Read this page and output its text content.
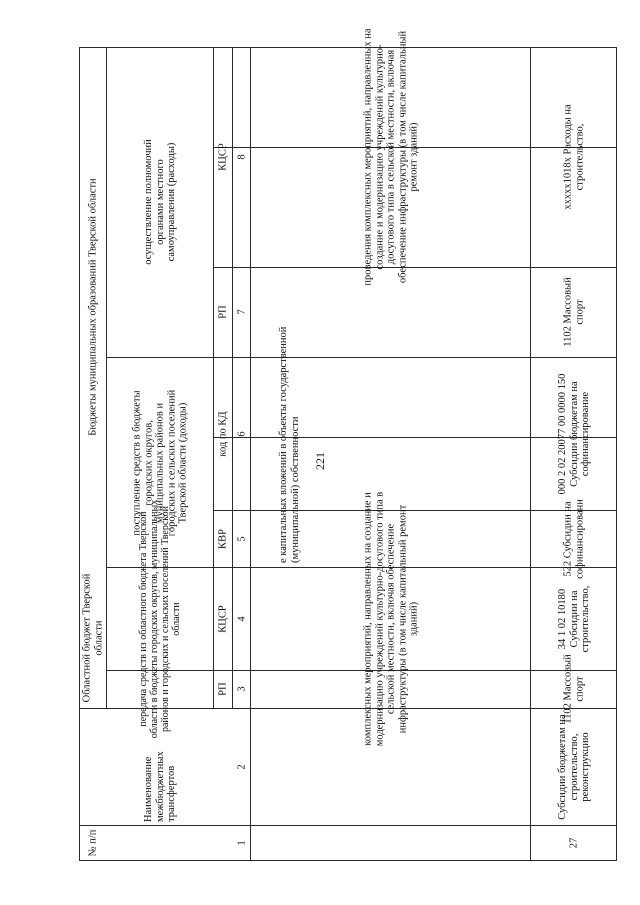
221
№ п/п
Наименование межбюджетных трансфертов
Областной бюджет Тверской области	передача средств из областного бюджета Тверской области в бюджеты городских округов, муниципальных районов и городских и сельских поселений Тверской области
Бюджеты муниципальных образований Тверской области
поступление средств в бюджеты городских округов, муниципальных районов и городских и сельских поселений Тверской области (доходы)
осуществление полномочий органами местного самоуправления (расходы)
РП
КЦСР
КВР
код по КД
РП
КЦСР
1
2
3
4
5
6
7
8
комплексных мероприятий, направленных на создание и модернизацию учреждений культурно-досугового типа в сельской местности, включая обеспечение инфраструктуры (в том числе капитальный ремонт зданий)
е капитальных вложений в объекты государственной (муниципальной) собственности
проведения комплексных мероприятий, направленных на создание и модернизацию учреждений культурно-досугового типа в сельской местности, включая обеспечение инфраструктуры (в том числе капитальный ремонт зданий)
27
Субсидии бюджетам на строительство, реконструкцию
1102 Массовый спорт
34 1 02 10180 Субсидии на строительство,
522 Субсидии на софинансировани
000 2 02 20077 00 0000 150 Субсидии бюджетам на софинансирование
1102 Массовый спорт
xxxxx1018x Расходы на строительство,
